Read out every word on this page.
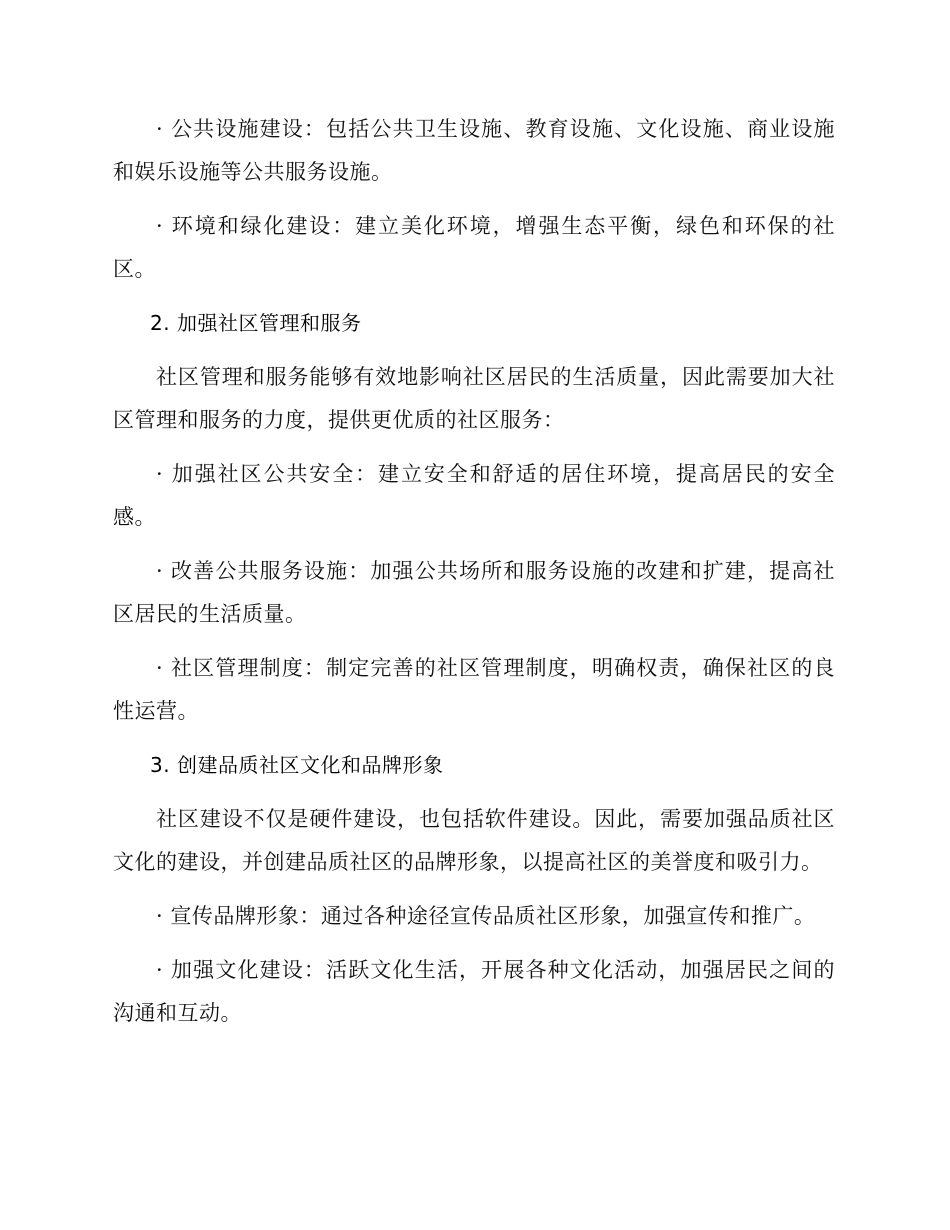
· 公共设施建设：包括公共卫生设施、教育设施、文化设施、商业设施和娱乐设施等公共服务设施。

· 环境和绿化建设：建立美化环境，增强生态平衡，绿色和环保的社区。

2. 加强社区管理和服务

社区管理和服务能够有效地影响社区居民的生活质量，因此需要加大社区管理和服务的力度，提供更优质的社区服务：

· 加强社区公共安全：建立安全和舒适的居住环境，提高居民的安全感。

· 改善公共服务设施：加强公共场所和服务设施的改建和扩建，提高社区居民的生活质量。

· 社区管理制度：制定完善的社区管理制度，明确权责，确保社区的良性运营。

3. 创建品质社区文化和品牌形象

社区建设不仅是硬件建设，也包括软件建设。因此，需要加强品质社区文化的建设，并创建品质社区的品牌形象，以提高社区的美誉度和吸引力。

· 宣传品牌形象：通过各种途径宣传品质社区形象，加强宣传和推广。

· 加强文化建设：活跃文化生活，开展各种文化活动，加强居民之间的沟通和互动。
